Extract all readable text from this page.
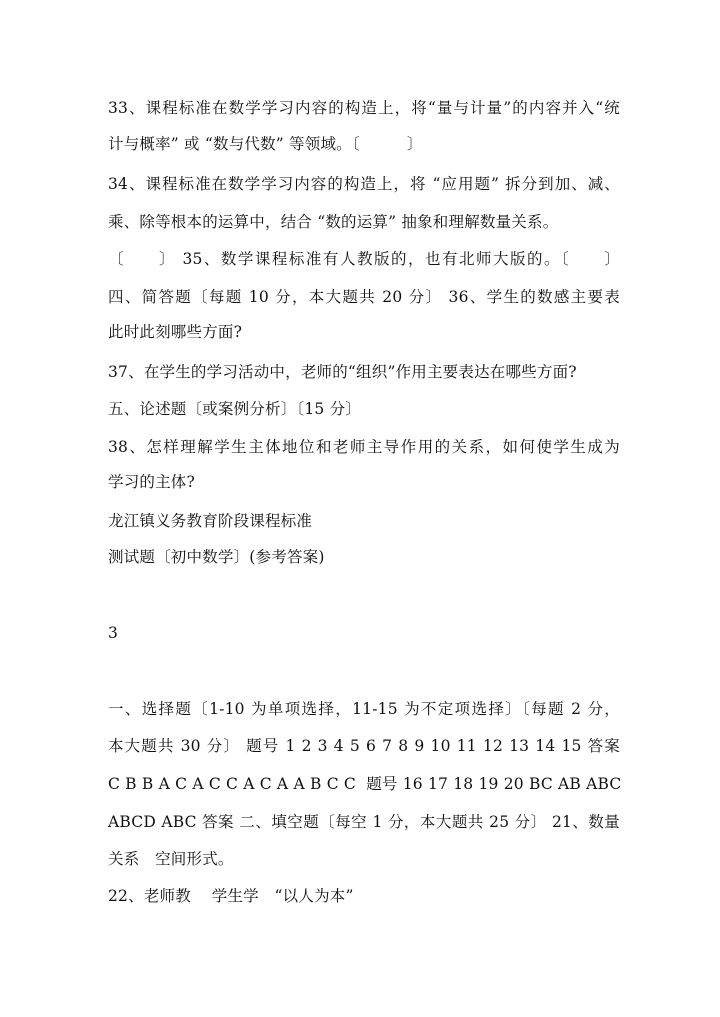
33、课程标准在数学学习内容的构造上，将“量与计量”的内容并入“统
计与概率” 或 “数与代数” 等领域。〔　　　〕
34、课程标准在数学学习内容的构造上，将 “应用题” 拆分到加、减、
乘、除等根本的运算中，结合 “数的运算” 抽象和理解数量关系。
〔　　〕 35、数学课程标准有人教版的，也有北师大版的。〔　　〕
四、简答题〔每题 10 分，本大题共 20 分〕 36、学生的数感主要表
此时此刻哪些方面?
37、在学生的学习活动中，老师的“组织”作用主要表达在哪些方面?
五、论述题〔或案例分析〕〔15 分〕
38、怎样理解学生主体地位和老师主导作用的关系，如何使学生成为
学习的主体?
龙江镇义务教育阶段课程标准
测试题〔初中数学〕(参考答案)
3
一、选择题〔1-10 为单项选择，11-15 为不定项选择〕〔每题 2 分，
本大题共 30 分〕 题号 1 2 3 4 5 6 7 8 9 10 11 12 13 14 15 答案
C B B A C A C C A C A A B C C  题号 16 17 18 19 20 BC AB ABC
ABCD ABC 答案 二、填空题〔每空 1 分，本大题共 25 分〕 21、数量
关系　空间形式。
22、老师教　 学生学　“以人为本”
